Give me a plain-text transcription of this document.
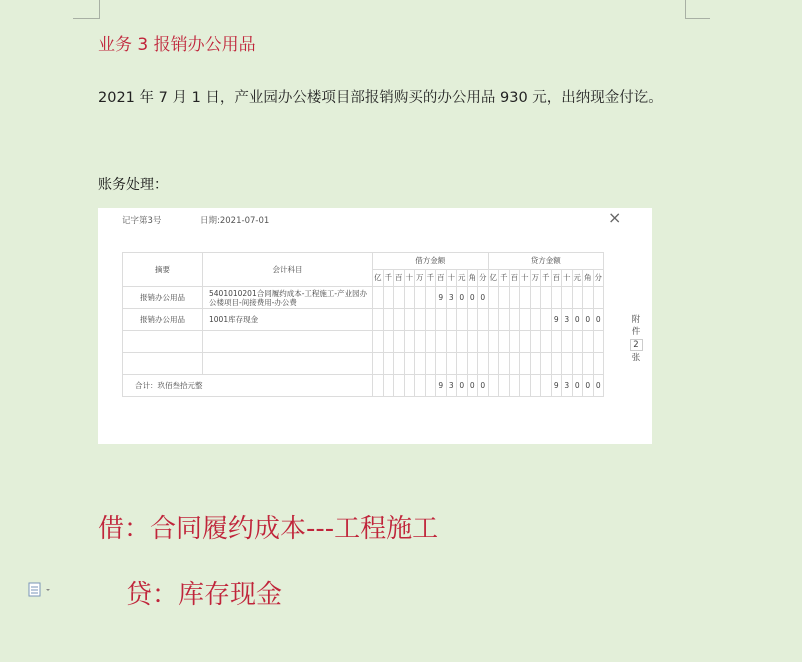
业务 3 报销办公用品
2021 年 7 月 1 日，产业园办公楼项目部报销购买的办公用品 930 元，出纳现金付讫。
账务处理：
记字第3号	日期:2021-07-01	×
摘要	会计科目	借方金额											贷方金额										
		亿	千	百	十	万	千	百	十	元	角	分	亿	千	百	十	万	千	百	十	元	角	分
报销办公用品	5401010201合同履约成本-工程施工-产业园办公楼项目-间接费用-办公费							9	3	0	0	0											
报销办公用品	1001库存现金																		9	3	0	0	0

合计：玖佰叁拾元整								9	3	0	0	0							9	3	0	0	0
附
件
2
张
借：合同履约成本---工程施工
贷：库存现金
